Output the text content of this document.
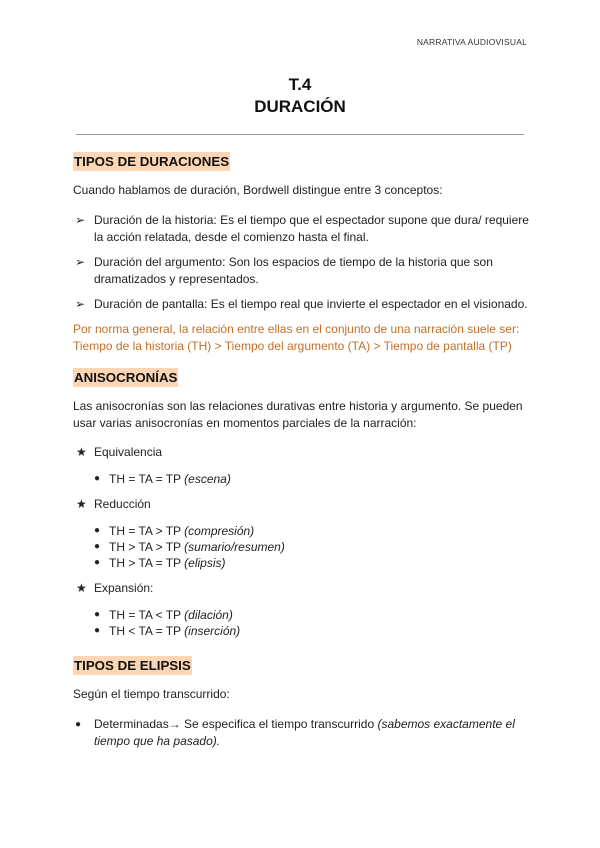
NARRATIVA AUDIOVISUAL
T.4
DURACIÓN
TIPOS DE DURACIONES

Cuando hablamos de duración, Bordwell distingue entre 3 conceptos:

➢ Duración de la historia: Es el tiempo que el espectador supone que dura/ requiere la acción relatada, desde el comienzo hasta el final.
➢ Duración del argumento: Son los espacios de tiempo de la historia que son dramatizados y representados.
➢ Duración de pantalla: Es el tiempo real que invierte el espectador en el visionado.

Por norma general, la relación entre ellas en el conjunto de una narración suele ser:

Tiempo de la historia (TH) > Tiempo del argumento (TA) > Tiempo de pantalla (TP)

ANISOCRONÍAS

Las anisocronías son las relaciones durativas entre historia y argumento. Se pueden usar varias anisocronías en momentos parciales de la narración:

★ Equivalencia
● TH = TA = TP (escena)
★ Reducción
● TH = TA > TP (compresión)
● TH > TA > TP (sumario/resumen)
● TH > TA = TP (elipsis)
★ Expansión:
● TH = TA < TP (dilación)
● TH < TA = TP (inserción)
TIPOS DE ELIPSIS

Según el tiempo transcurrido:

● Determinadas→ Se especifica el tiempo transcurrido (sabemos exactamente el tiempo que ha pasado).
